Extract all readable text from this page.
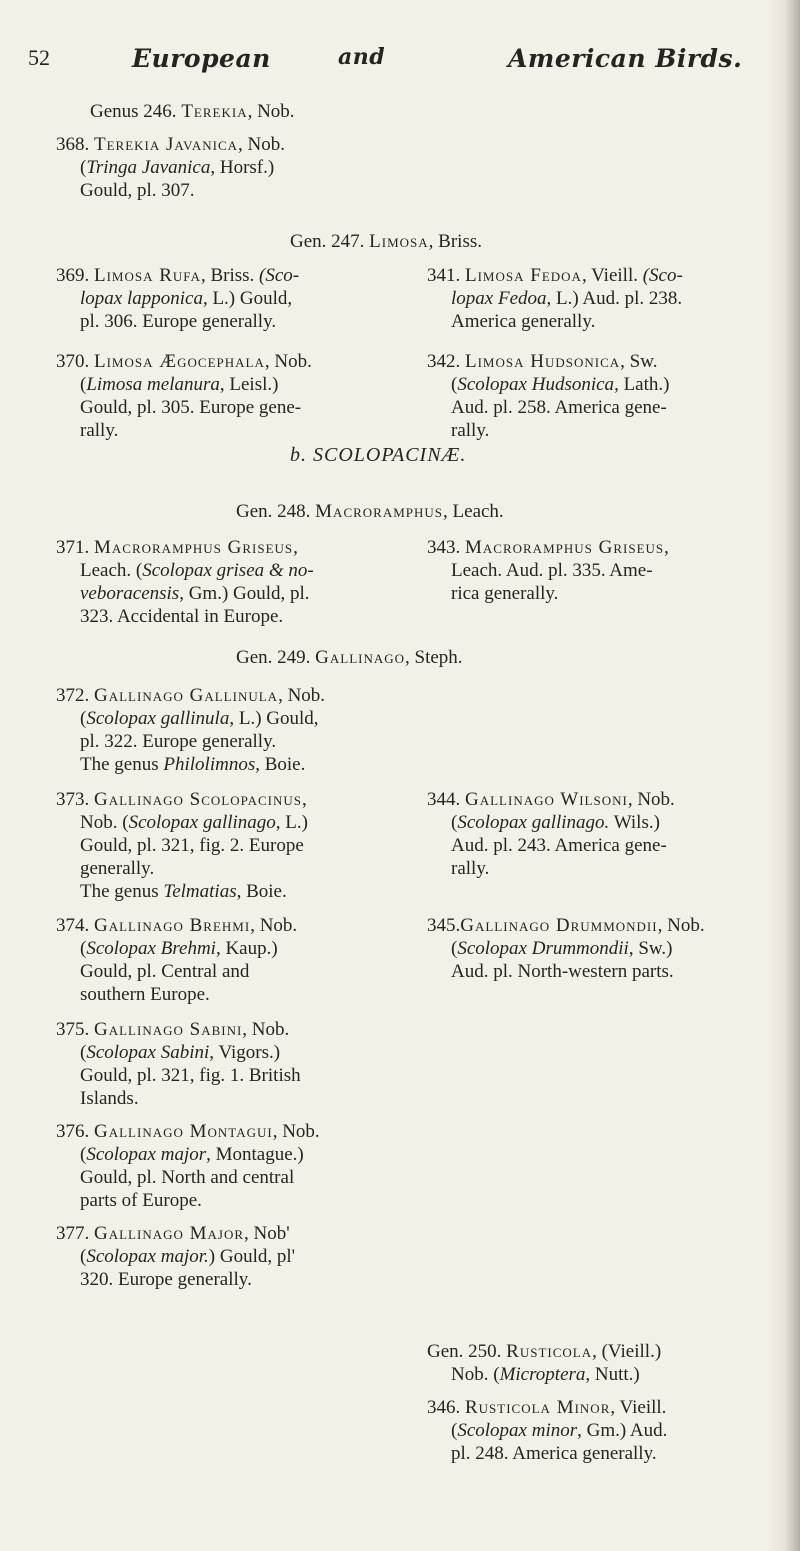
52	European	and	American Birds.
Genus 246. Terekia, Nob.
368. Terekia Javanica, Nob.
(Tringa Javanica, Horsf.)
Gould, pl. 307.
Gen. 247. Limosa, Briss.
369. Limosa Rufa, Briss. (Sco-
lopax lapponica, L.) Gould,
pl. 306. Europe generally.
370. Limosa Ægocephala, Nob.
(Limosa melanura, Leisl.)
Gould, pl. 305. Europe gene-
rally.
341. Limosa Fedoa, Vieill. (Sco-
lopax Fedoa, L.) Aud. pl. 238.
America generally.
342. Limosa Hudsonica, Sw.
(Scolopax Hudsonica, Lath.)
Aud. pl. 258. America gene-
rally.
b. SCOLOPACINÆ.
Gen. 248. Macroramphus, Leach.
371. Macroramphus Griseus,
Leach. (Scolopax grisea & no-
veboracensis, Gm.) Gould, pl.
323. Accidental in Europe.
343. Macroramphus Griseus,
Leach. Aud. pl. 335. Ame-
rica generally.
Gen. 249. Gallinago, Steph.
372. Gallinago Gallinula, Nob.
(Scolopax gallinula, L.) Gould,
pl. 322. Europe generally.
The genus Philolimnos, Boie.
373. Gallinago Scolopacinus,
Nob. (Scolopax gallinago, L.)
Gould, pl. 321, fig. 2. Europe
generally.
The genus Telmatias, Boie.
374. Gallinago Brehmi, Nob.
(Scolopax Brehmi, Kaup.)
Gould, pl. Central and
southern Europe.
375. Gallinago Sabini, Nob.
(Scolopax Sabini, Vigors.)
Gould, pl. 321, fig. 1. British
Islands.
376. Gallinago Montagui, Nob.
(Scolopax major, Montague.)
Gould, pl. North and central
parts of Europe.
377. Gallinago Major, Nob'
(Scolopax major.) Gould, pl'
320. Europe generally.
344. Gallinago Wilsoni, Nob.
(Scolopax gallinago. Wils.)
Aud. pl. 243. America gene-
rally.
345.Gallinago Drummondii, Nob.
(Scolopax Drummondii, Sw.)
Aud. pl. North-western parts.
Gen. 250. Rusticola, (Vieill.)
Nob. (Microptera, Nutt.)
346. Rusticola Minor, Vieill.
(Scolopax minor, Gm.) Aud.
pl. 248. America generally.
